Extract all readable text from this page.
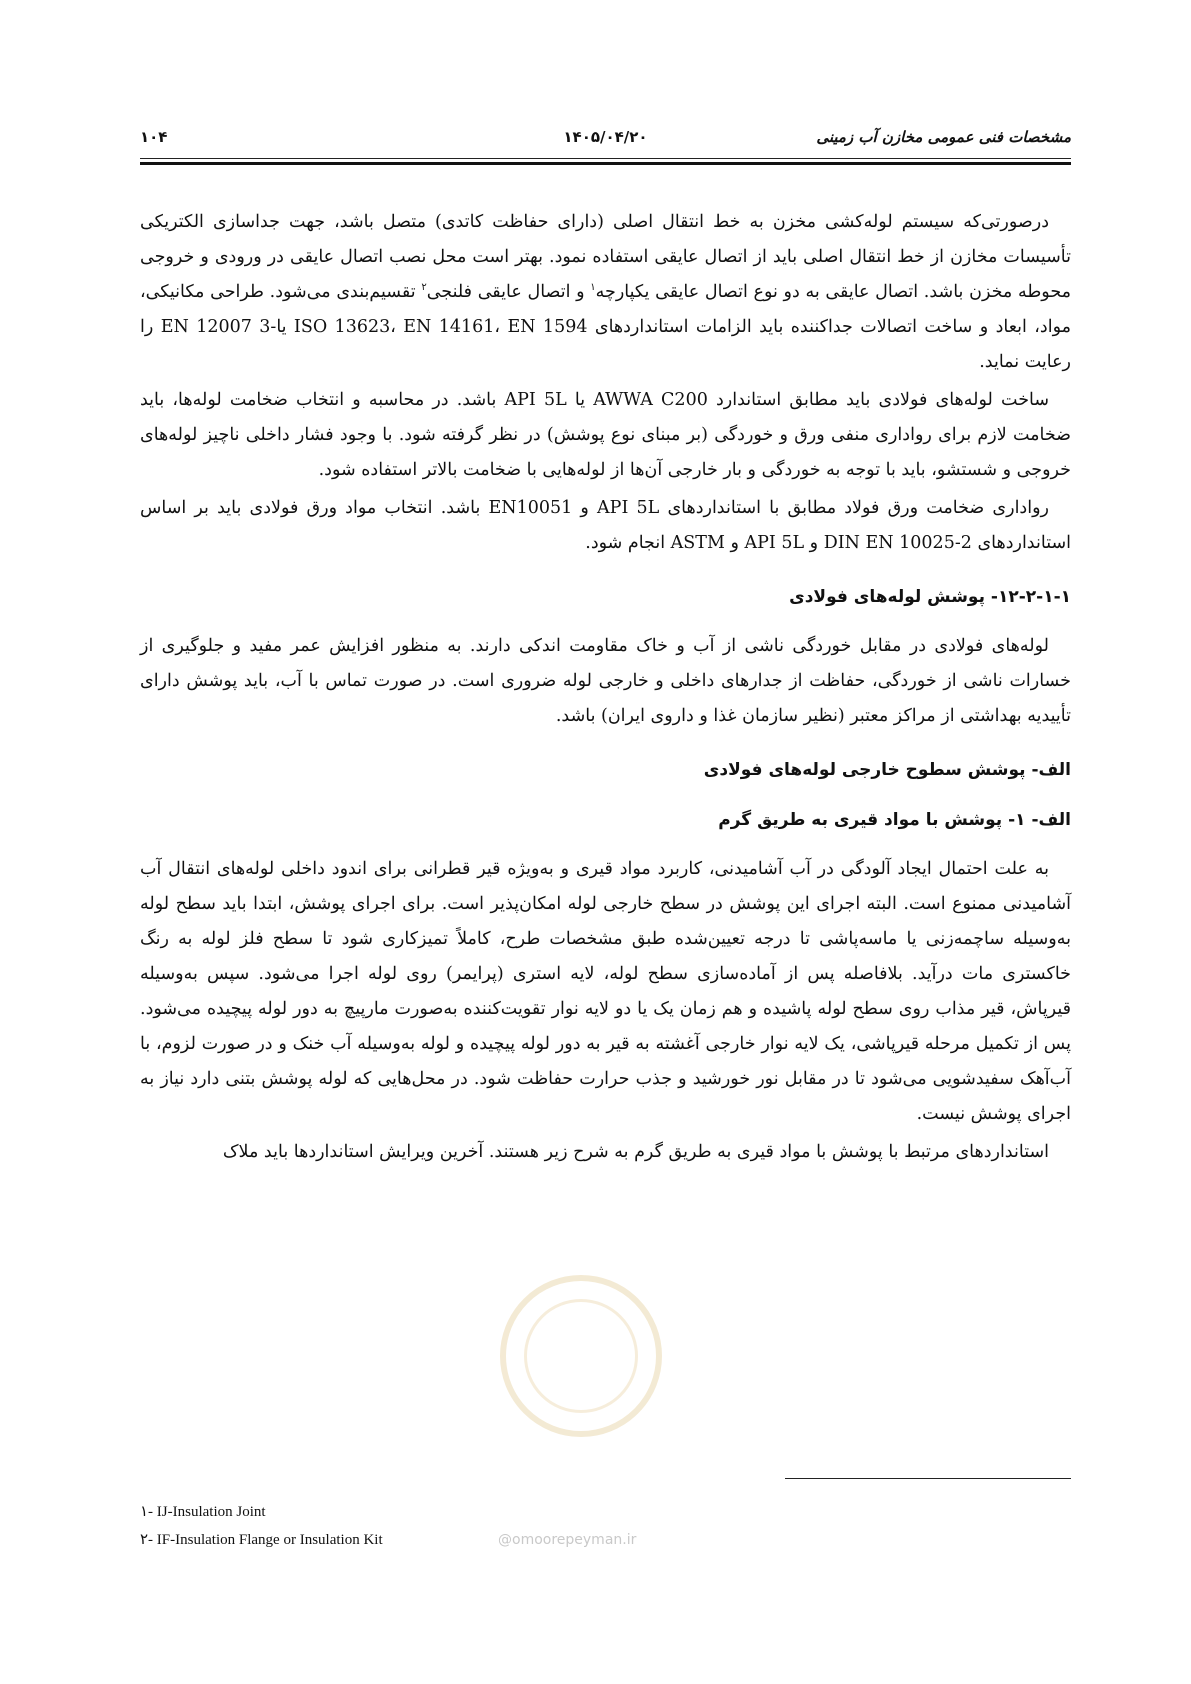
۱۰۴	۱۴۰۵/۰۴/۲۰	مشخصات فنی عمومی مخازن آب زمینی

درصورتی‌که سیستم لوله‌کشی مخزن به خط انتقال اصلی (دارای حفاظت کاتدی) متصل باشد، جهت جداسازی الکتریکی تأسیسات مخازن از خط انتقال اصلی باید از اتصال عایقی استفاده نمود. بهتر است محل نصب اتصال عایقی در ورودی و خروجی محوطه مخزن باشد. اتصال عایقی به دو نوع اتصال عایقی یکپارچه$^۱$ و اتصال عایقی فلنجی$^۲$ تقسیم‌بندی می‌شود. طراحی مکانیکی، مواد، ابعاد و ساخت اتصالات جداکننده باید الزامات استانداردهای ISO 13623، EN 14161، EN 1594 یا-EN 12007 3 را رعایت نماید.

ساخت لوله‌های فولادی باید مطابق استاندارد AWWA C200 یا API 5L باشد. در محاسبه و انتخاب ضخامت لوله‌ها، باید ضخامت لازم برای رواداری منفی ورق و خوردگی (بر مبنای نوع پوشش) در نظر گرفته شود. با وجود فشار داخلی ناچیز لوله‌های خروجی و شستشو، باید با توجه به خوردگی و بار خارجی آن‌ها از لوله‌هایی با ضخامت بالاتر استفاده شود.

رواداری ضخامت ورق فولاد مطابق با استانداردهای API 5L و EN10051 باشد. انتخاب مواد ورق فولادی باید بر اساس استانداردهای DIN EN 10025-2 و API 5L و ASTM انجام شود.

۱۲-۲-۱-۱- پوشش لوله‌های فولادی

لوله‌های فولادی در مقابل خوردگی ناشی از آب و خاک مقاومت اندکی دارند. به منظور افزایش عمر مفید و جلوگیری از خسارات ناشی از خوردگی، حفاظت از جدارهای داخلی و خارجی لوله ضروری است. در صورت تماس با آب، باید پوشش دارای تأییدیه بهداشتی از مراکز معتبر (نظیر سازمان غذا و داروی ایران) باشد.

الف- پوشش سطوح خارجی لوله‌های فولادی
الف- ۱- پوشش با مواد قیری به طریق گرم

به علت احتمال ایجاد آلودگی در آب آشامیدنی، کاربرد مواد قیری و به‌ویژه قیر قطرانی برای اندود داخلی لوله‌های انتقال آب آشامیدنی ممنوع است. البته اجرای این پوشش در سطح خارجی لوله امکان‌پذیر است. برای اجرای پوشش، ابتدا باید سطح لوله به‌وسیله ساچمه‌زنی یا ماسه‌پاشی تا درجه تعیین‌شده طبق مشخصات طرح، کاملاً تمیزکاری شود تا سطح فلز لوله به رنگ خاکستری مات درآید. بلافاصله پس از آماده‌سازی سطح لوله، لایه استری (پرایمر) روی لوله اجرا می‌شود. سپس به‌وسیله قیرپاش، قیر مذاب روی سطح لوله پاشیده و هم زمان یک یا دو لایه نوار تقویت‌کننده به‌صورت مارپیچ به دور لوله پیچیده می‌شود. پس از تکمیل مرحله قیرپاشی، یک لایه نوار خارجی آغشته به قیر به دور لوله پیچیده و لوله به‌وسیله آب خنک و در صورت لزوم، با آب‌آهک سفیدشویی می‌شود تا در مقابل نور خورشید و جذب حرارت حفاظت شود. در محل‌هایی که لوله پوشش بتنی دارد نیاز به اجرای پوشش نیست.

استانداردهای مرتبط با پوشش با مواد قیری به طریق گرم به شرح زیر هستند. آخرین ویرایش استانداردها باید ملاک

۱- IJ-Insulation Joint
۲- IF-Insulation Flange or Insulation Kit	@omoorepeyman.ir
